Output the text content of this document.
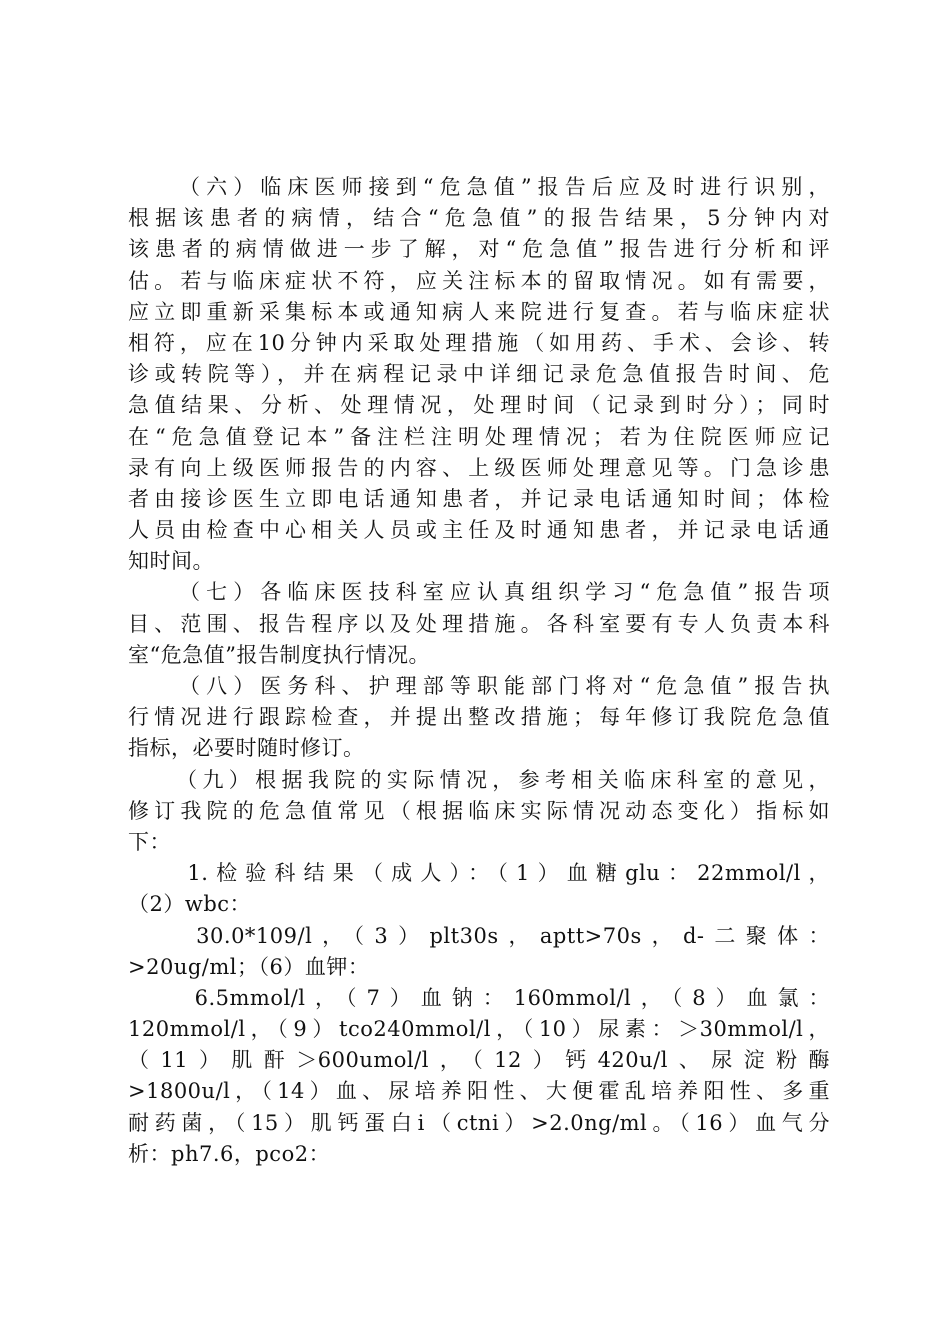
（六）临床医师接到“危急值”报告后应及时进行识别，
根据该患者的病情，结合“危急值”的报告结果，5分钟内对
该患者的病情做进一步了解，对“危急值”报告进行分析和评
估。若与临床症状不符，应关注标本的留取情况。如有需要，
应立即重新采集标本或通知病人来院进行复查。若与临床症状
相符，应在10分钟内采取处理措施（如用药、手术、会诊、转
诊或转院等），并在病程记录中详细记录危急值报告时间、危
急值结果、分析、处理情况，处理时间（记录到时分）；同时
在“危急值登记本”备注栏注明处理情况；若为住院医师应记
录有向上级医师报告的内容、上级医师处理意见等。门急诊患
者由接诊医生立即电话通知患者，并记录电话通知时间；体检
人员由检查中心相关人员或主任及时通知患者，并记录电话通
知时间。
（七）各临床医技科室应认真组织学习“危急值”报告项
目、范围、报告程序以及处理措施。各科室要有专人负责本科
室“危急值”报告制度执行情况。
（八）医务科、护理部等职能部门将对“危急值”报告执
行情况进行跟踪检查，并提出整改措施；每年修订我院危急值
指标，必要时随时修订。
（九）根据我院的实际情况，参考相关临床科室的意见，
修订我院的危急值常见（根据临床实际情况动态变化）指标如
下：
1.检验科结果（成人）：（1）血糖glu：22mmol/l，
（2）wbc：
30.0*109/l，（3）plt30s，aptt>70s，d-二聚体：
>20ug/ml；（6）血钾：
6.5mmol/l，（7）血钠：160mmol/l，（8）血氯：
120mmol/l，（9）tco240mmol/l，（10）尿素：＞30mmol/l，
（11）肌酐＞600umol/l，（12）钙420u/l、尿淀粉酶
>1800u/l，（14）血、尿培养阳性、大便霍乱培养阳性、多重
耐药菌，（15）肌钙蛋白i（ctni）>2.0ng/ml。（16）血气分
析：ph7.6，pco2：
